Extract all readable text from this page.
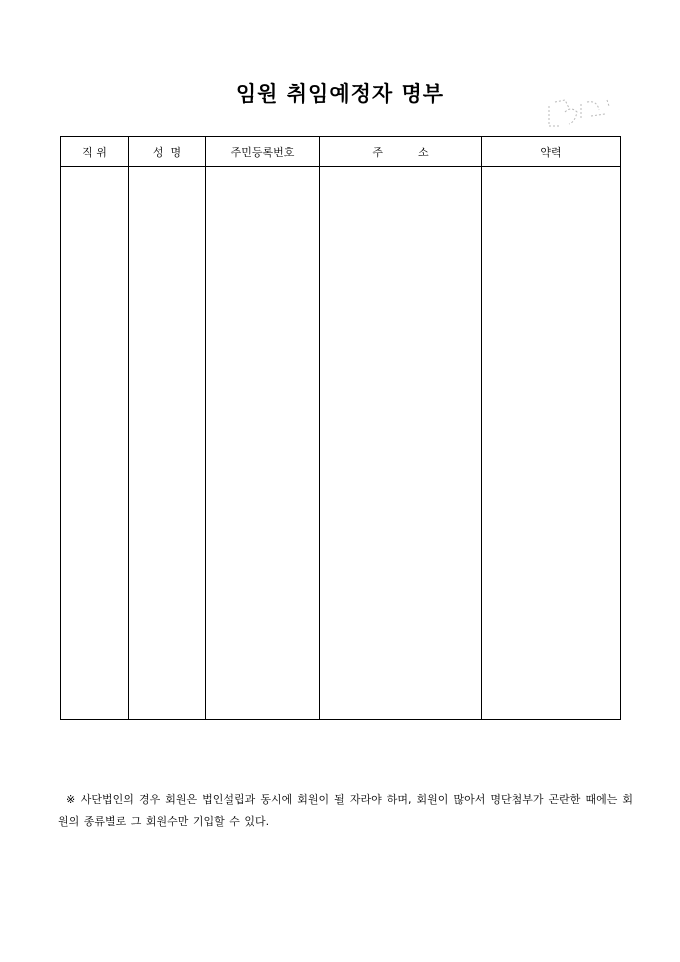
임원 취임예정자 명부
직 위	성  명	주민등록번호	주          소	약력

※ 사단법인의 경우 회원은 법인설립과 동시에 회원이 될 자라야 하며, 회원이 많아서 명단첨부가 곤란한 때에는 회원의 종류별로 그 회원수만 기입할 수 있다.
